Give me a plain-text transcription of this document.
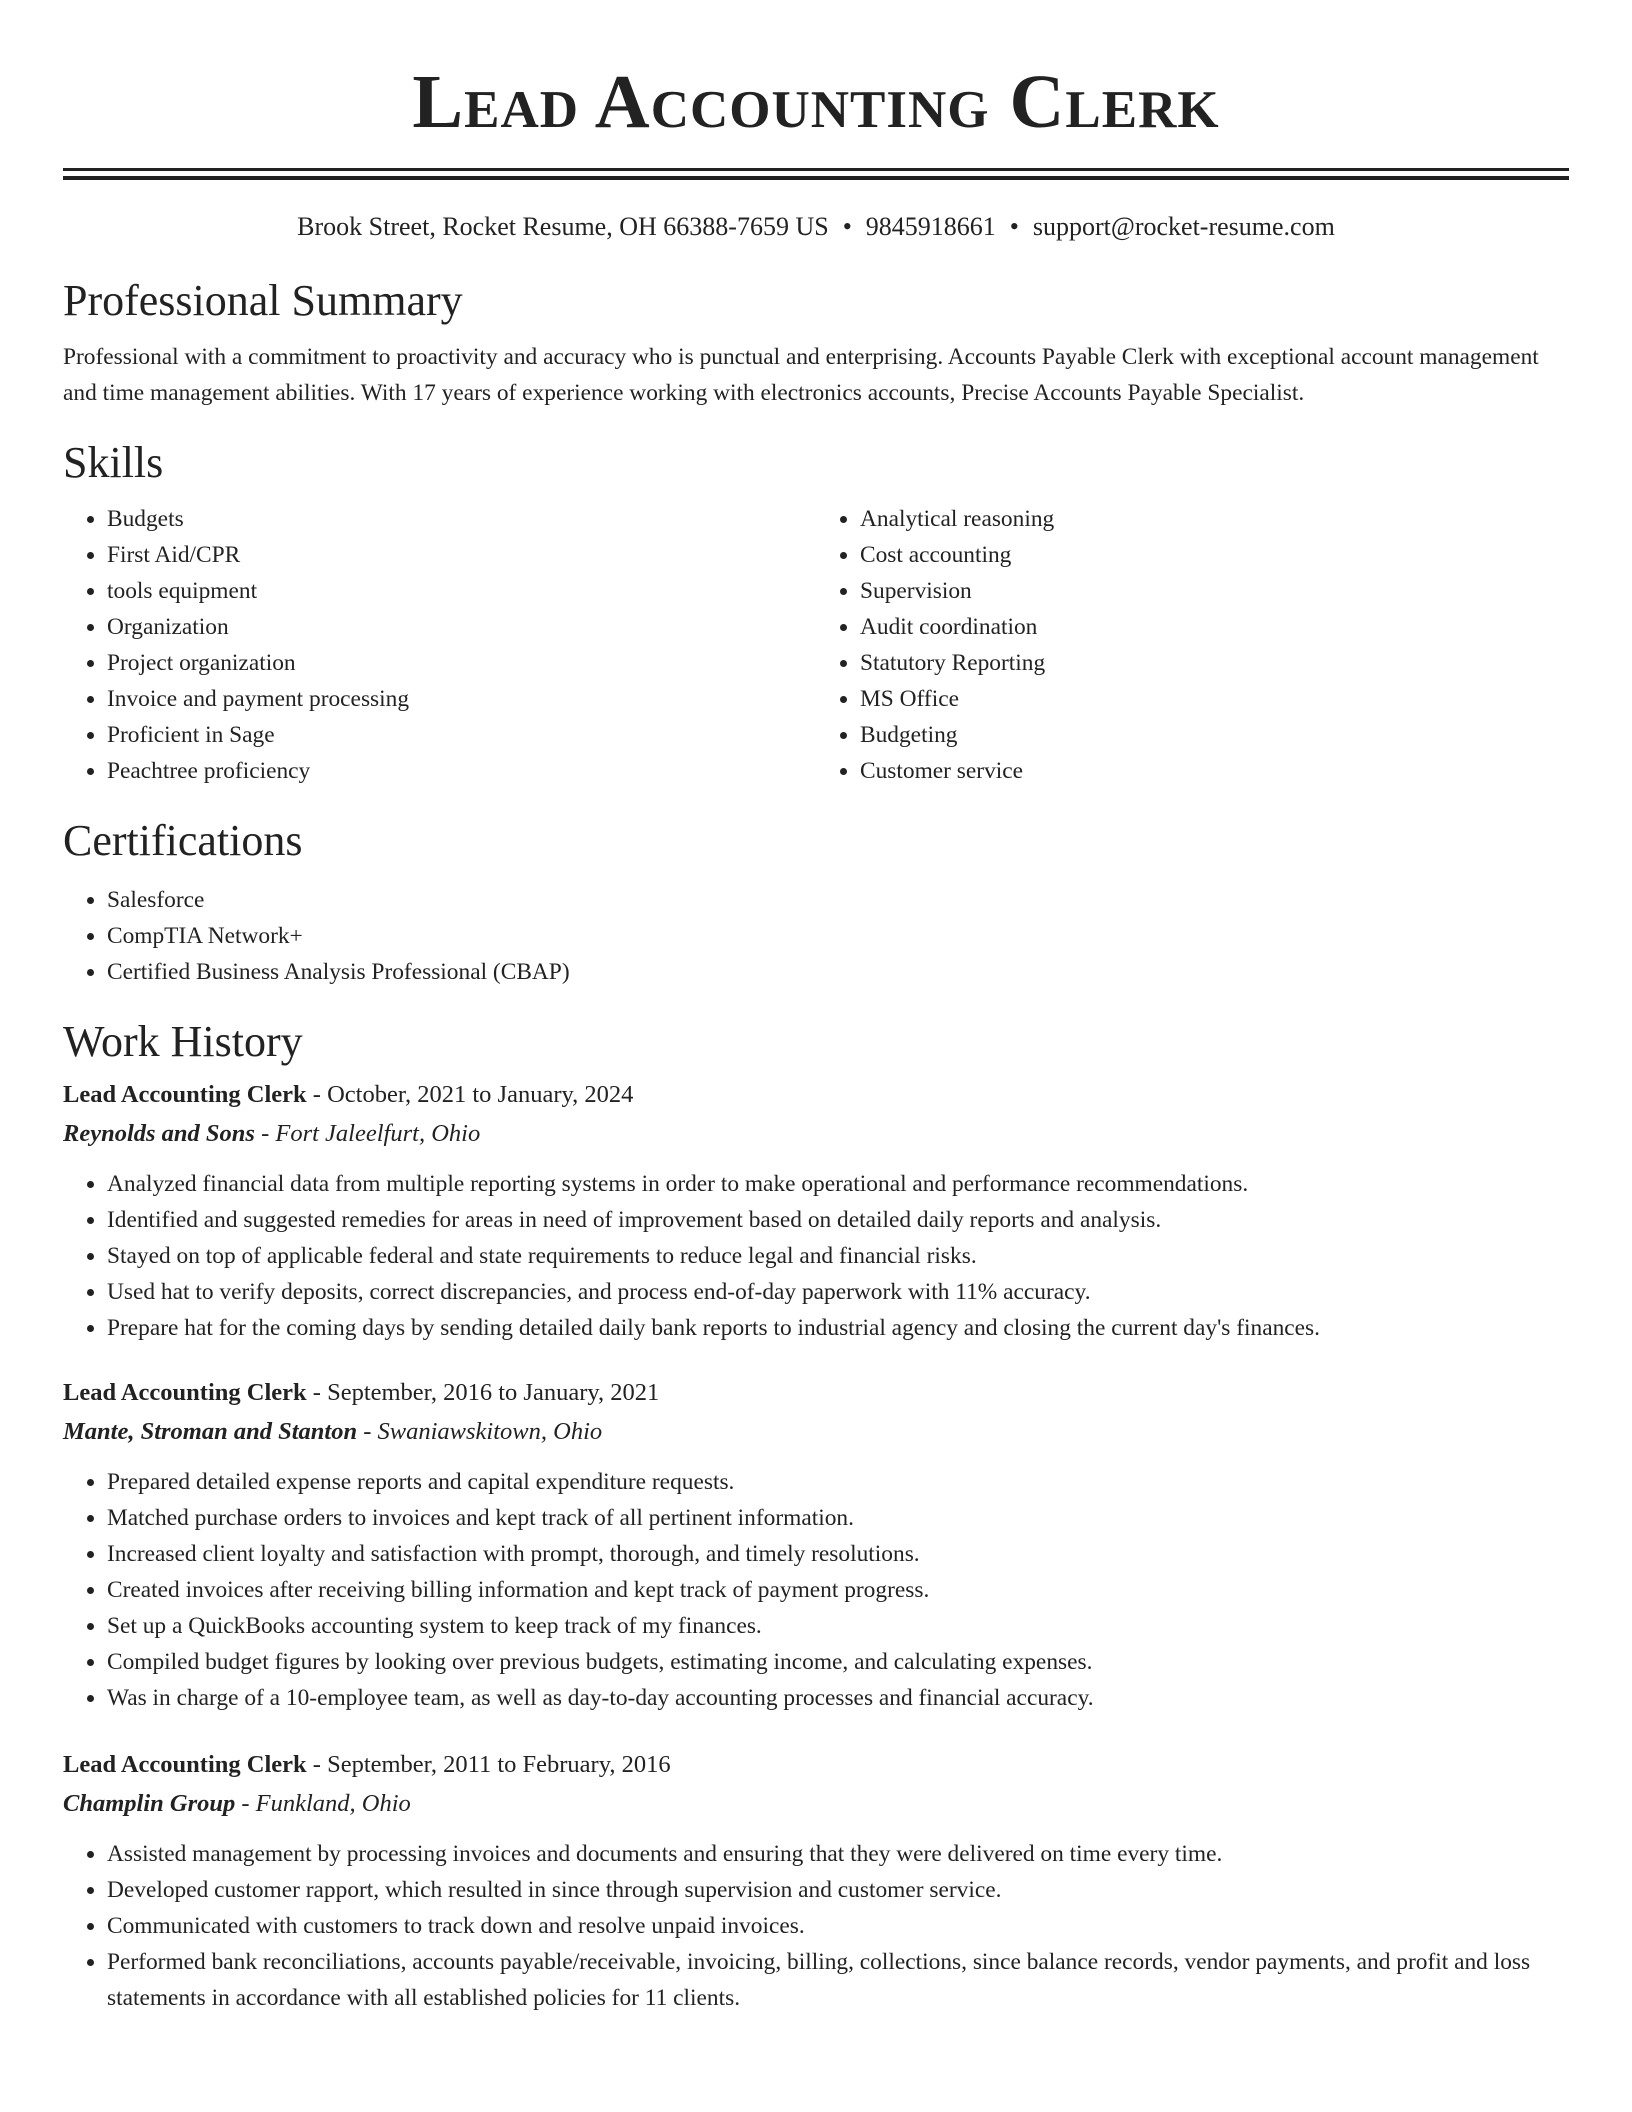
Lead Accounting Clerk
Brook Street, Rocket Resume, OH 66388-7659 US • 9845918661 • support@rocket-resume.com
Professional Summary
Professional with a commitment to proactivity and accuracy who is punctual and enterprising. Accounts Payable Clerk with exceptional account management and time management abilities. With 17 years of experience working with electronics accounts, Precise Accounts Payable Specialist.
Skills
• Budgets
• First Aid/CPR
• tools equipment
• Organization
• Project organization
• Invoice and payment processing
• Proficient in Sage
• Peachtree proficiency
• Analytical reasoning
• Cost accounting
• Supervision
• Audit coordination
• Statutory Reporting
• MS Office
• Budgeting
• Customer service
Certifications
• Salesforce
• CompTIA Network+
• Certified Business Analysis Professional (CBAP)
Work History
Lead Accounting Clerk - October, 2021 to January, 2024
Reynolds and Sons - Fort Jaleelfurt, Ohio
• Analyzed financial data from multiple reporting systems in order to make operational and performance recommendations.
• Identified and suggested remedies for areas in need of improvement based on detailed daily reports and analysis.
• Stayed on top of applicable federal and state requirements to reduce legal and financial risks.
• Used hat to verify deposits, correct discrepancies, and process end-of-day paperwork with 11% accuracy.
• Prepare hat for the coming days by sending detailed daily bank reports to industrial agency and closing the current day's finances.
Lead Accounting Clerk - September, 2016 to January, 2021
Mante, Stroman and Stanton - Swaniawskitown, Ohio
• Prepared detailed expense reports and capital expenditure requests.
• Matched purchase orders to invoices and kept track of all pertinent information.
• Increased client loyalty and satisfaction with prompt, thorough, and timely resolutions.
• Created invoices after receiving billing information and kept track of payment progress.
• Set up a QuickBooks accounting system to keep track of my finances.
• Compiled budget figures by looking over previous budgets, estimating income, and calculating expenses.
• Was in charge of a 10-employee team, as well as day-to-day accounting processes and financial accuracy.
Lead Accounting Clerk - September, 2011 to February, 2016
Champlin Group - Funkland, Ohio
• Assisted management by processing invoices and documents and ensuring that they were delivered on time every time.
• Developed customer rapport, which resulted in since through supervision and customer service.
• Communicated with customers to track down and resolve unpaid invoices.
• Performed bank reconciliations, accounts payable/receivable, invoicing, billing, collections, since balance records, vendor payments, and profit and loss statements in accordance with all established policies for 11 clients.
